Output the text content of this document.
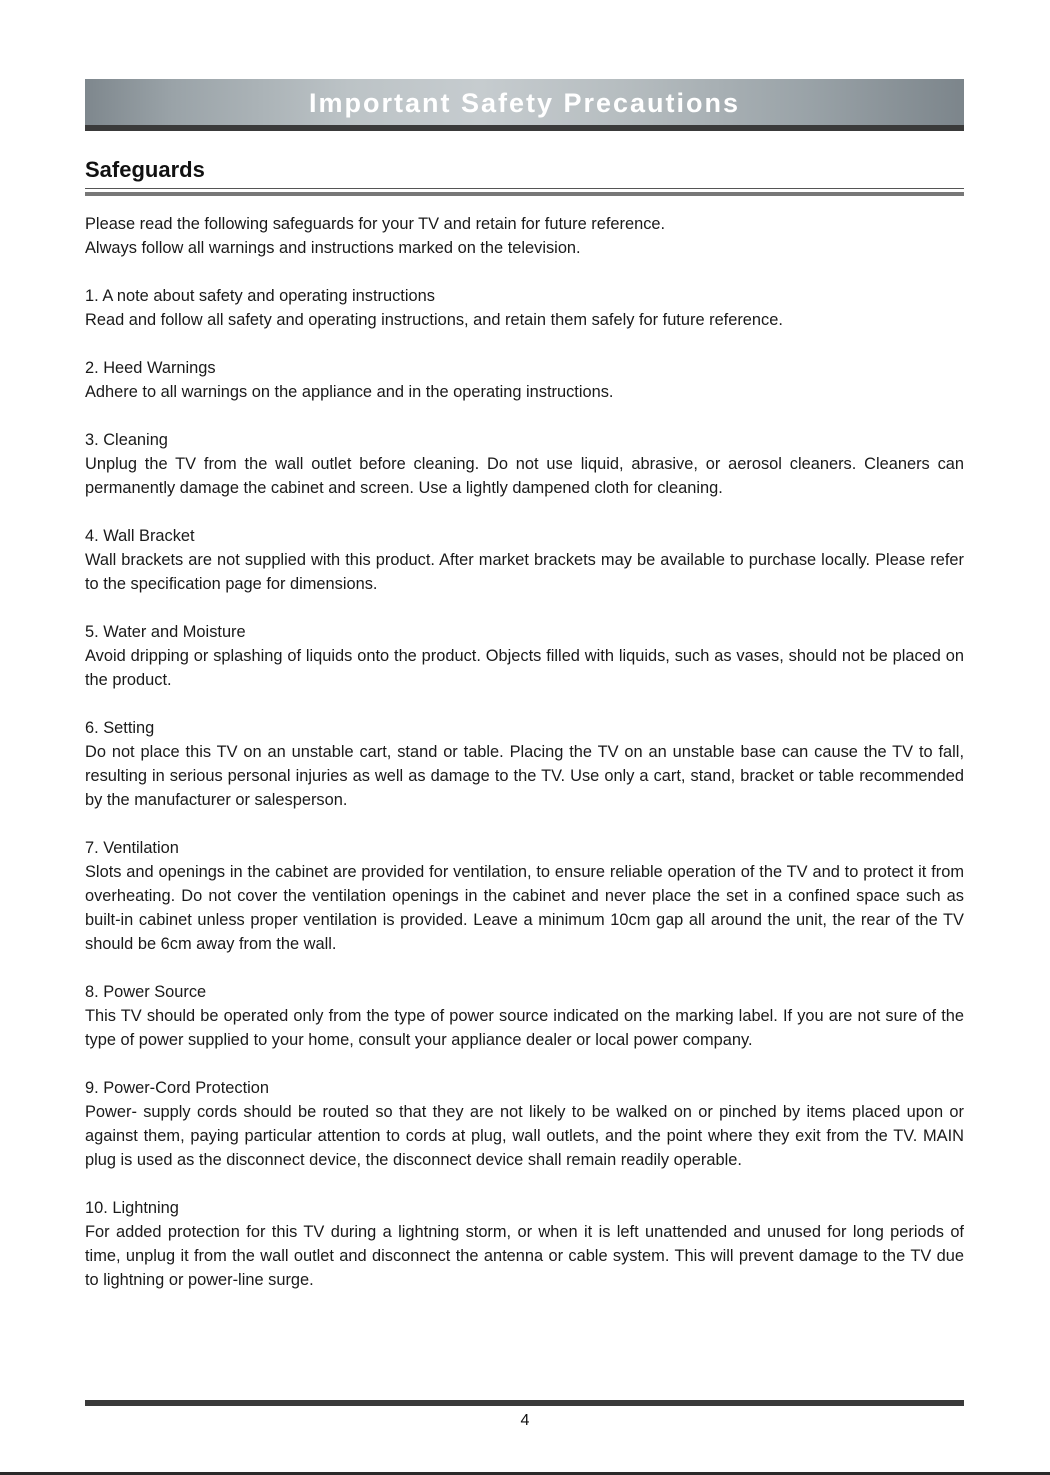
Important Safety Precautions
Safeguards

Please read the following safeguards for your TV and retain for future reference.

Always follow all warnings and instructions marked on the television.

1. A note about safety and operating instructions

Read and follow all safety and operating instructions, and retain them safely for future reference.

2. Heed Warnings

Adhere to all warnings on the appliance and in the operating instructions.

3. Cleaning

Unplug the TV from the wall outlet before cleaning. Do not use liquid, abrasive, or aerosol cleaners. Cleaners can permanently damage the cabinet and screen. Use a lightly dampened cloth for cleaning.

4. Wall Bracket

Wall brackets are not supplied with this product. After market brackets may be available to purchase locally. Please refer to the specification page for dimensions.

5. Water and Moisture

Avoid dripping or splashing of liquids onto the product. Objects filled with liquids, such as vases, should not be placed on the product.

6. Setting

Do not place this TV on an unstable cart, stand or table. Placing the TV on an unstable base can cause the TV to fall, resulting in serious personal injuries as well as damage to the TV. Use only a cart, stand, bracket or table recommended by the manufacturer or salesperson.

7. Ventilation

Slots and openings in the cabinet are provided for ventilation, to ensure reliable operation of the TV and to protect it from overheating. Do not cover the ventilation openings in the cabinet and never place the set in a confined space such as built-in cabinet unless proper ventilation is provided. Leave a minimum 10cm gap all around the unit, the rear of the TV should be 6cm away from the wall.

8. Power Source

This TV should be operated only from the type of power source indicated on the marking label. If you are not sure of the type of power supplied to your home, consult your appliance dealer or local power company.

9. Power-Cord Protection

Power- supply cords should be routed so that they are not likely to be walked on or pinched by items placed upon or against them, paying particular attention to cords at plug, wall outlets, and the point where they exit from the TV. MAIN plug is used as the disconnect device, the disconnect device shall remain readily operable.

10. Lightning

For added protection for this TV during a lightning storm, or when it is left unattended and unused for long periods of time, unplug it from the wall outlet and disconnect the antenna or cable system. This will prevent damage to the TV due to lightning or power-line surge.

4
